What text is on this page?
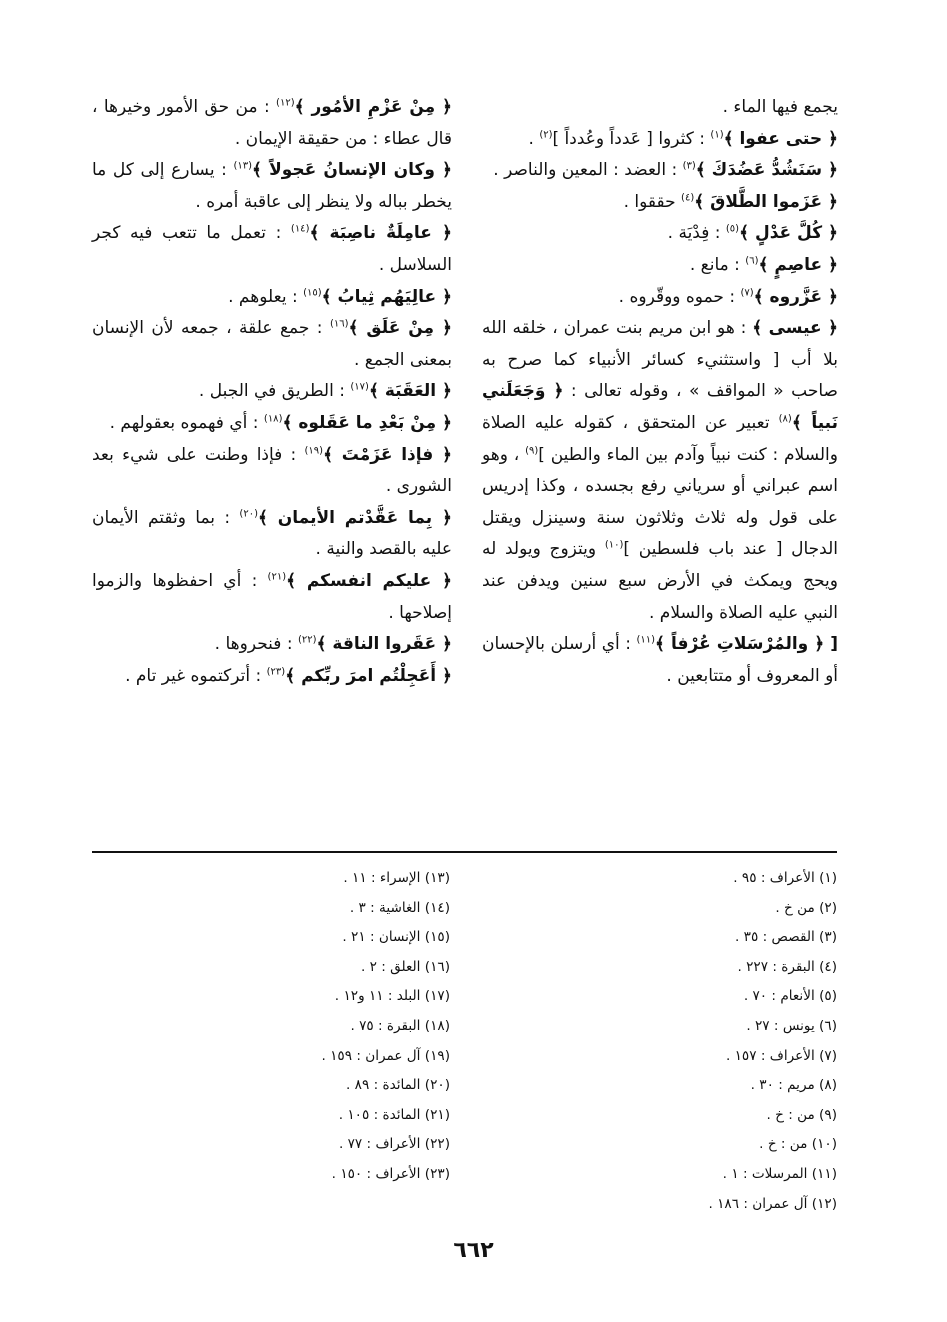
يجمع فيها الماء .

﴿ حتى عفوا ﴾$^{(١)}$ : كثروا [ عَدداً وعُدداً ]$^{(٢)}$ .

﴿ سَنَشُدُّ عَضُدَكَ ﴾$^{(٣)}$ : العضد : المعين والناصر .

﴿ عَزَموا الطَّلاقَ ﴾$^{(٤)}$ حققوا .

﴿ كُلَّ عَدْلٍ ﴾$^{(٥)}$ : فِدْيَة .

﴿ عاصِمٍ ﴾$^{(٦)}$ : مانع .

﴿ عَزَّروه ﴾$^{(٧)}$ : حموه ووقّروه .

﴿ عيسى ﴾ : هو ابن مريم بنت عمران ، خلقه الله بلا أب [ واستثنيء كسائر الأنبياء كما صرح به صاحب « المواقف » ، وقوله تعالى : ﴿ وَجَعَلَني نَبياً ﴾$^{(٨)}$ تعبير عن المتحقق ، كقوله عليه الصلاة والسلام : كنت نبياً وآدم بين الماء والطين ]$^{(٩)}$ ، وهو اسم عبراني أو سرياني رفع بجسده ، وكذا إدريس على قول وله ثلاث وثلاثون سنة وسينزل ويقتل الدجال [ عند باب فلسطين ]$^{(١٠)}$ ويتزوج ويولد له ويحج ويمكث في الأرض سبع سنين ويدفن عند النبي عليه الصلاة والسلام .

[ ﴿ والمُرْسَلاتِ عُرْفاً ﴾$^{(١١)}$ : أي أرسلن بالإحسان أو المعروف أو متتابعين .

﴿ مِنْ عَزْمِ الأمُور ﴾$^{(١٢)}$ : من حق الأمور وخيرها ، قال عطاء : من حقيقة الإيمان .

﴿ وكان الإنسانُ عَجولاً ﴾$^{(١٣)}$ : يسارع إلى كل ما يخطر بباله ولا ينظر إلى عاقبة أمره .

﴿ عامِلَةٌ ناصِبَة ﴾$^{(١٤)}$ : تعمل ما تتعب فيه كجر السلاسل .

﴿ عالِيَهُم ثِيابُ ﴾$^{(١٥)}$ : يعلوهم .

﴿ مِنْ عَلَق ﴾$^{(١٦)}$ : جمع علقة ، جمعه لأن الإنسان بمعنى الجمع .

﴿ العَقَبَة ﴾$^{(١٧)}$ : الطريق في الجبل .

﴿ مِنْ بَعْدِ ما عَقَلوه ﴾$^{(١٨)}$ : أي فهموه بعقولهم .

﴿ فإذا عَزَمْتَ ﴾$^{(١٩)}$ : فإذا وطنت على شيء بعد الشورى .

﴿ بِما عَقَّدْتم الأيمان ﴾$^{(٢٠)}$ : بما وثقتم الأيمان عليه بالقصد والنية .

﴿ عليكم انفسكم ﴾$^{(٢١)}$ : أي احفظوها والزموا إصلاحها .

﴿ عَقَروا الناقة ﴾$^{(٢٢)}$ : فنحروها .

﴿ أَعَجِلْتُم امرَ ربِّكم ﴾$^{(٢٣)}$ : أتركتموه غير تام .

(١) الأعراف : ٩٥ .
(٢) من خ .
(٣) القصص : ٣٥ .
(٤) البقرة : ٢٢٧ .
(٥) الأنعام : ٧٠ .
(٦) يونس : ٢٧ .
(٧) الأعراف : ١٥٧ .
(٨) مريم : ٣٠ .
(٩) من : خ .
(١٠) من : خ .
(١١) المرسلات : ١ .
(١٢) آل عمران : ١٨٦ .
(١٣) الإسراء : ١١ .
(١٤) الغاشية : ٣ .
(١٥) الإنسان : ٢١ .
(١٦) العلق : ٢ .
(١٧) البلد : ١١ و١٢ .
(١٨) البقرة : ٧٥ .
(١٩) آل عمران : ١٥٩ .
(٢٠) المائدة : ٨٩ .
(٢١) المائدة : ١٠٥ .
(٢٢) الأعراف : ٧٧ .
(٢٣) الأعراف : ١٥٠ .
٦٦٢
